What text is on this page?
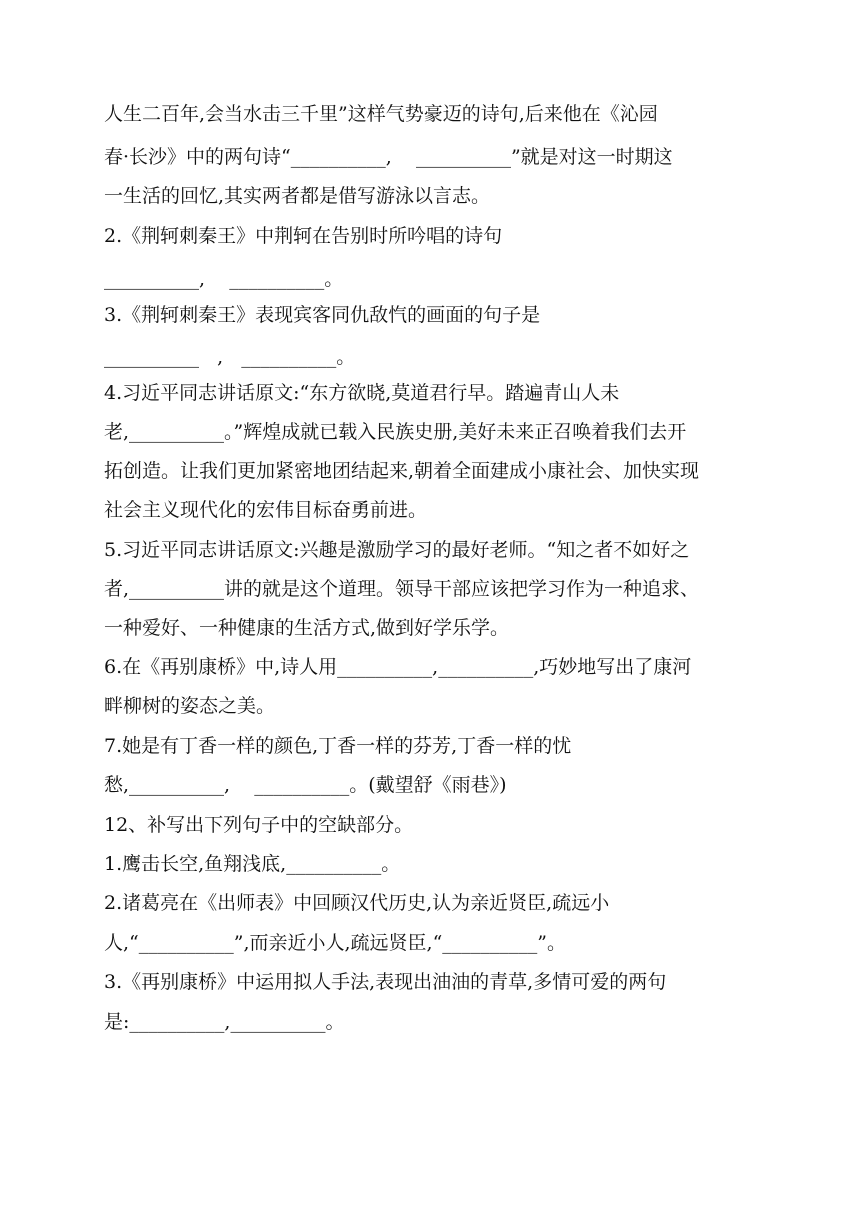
人生二百年,会当水击三千里”这样气势豪迈的诗句,后来他在《沁园
春·长沙》中的两句诗“__________,    __________”就是对这一时期这
一生活的回忆,其实两者都是借写游泳以言志。
2.《荆轲刺秦王》中荆轲在告别时所吟唱的诗句
__________,    __________。
3.《荆轲刺秦王》表现宾客同仇敌忾的画面的句子是
__________   ,   __________。
4.习近平同志讲话原文:“东方欲晓,莫道君行早。踏遍青山人未
老,__________。”辉煌成就已载入民族史册,美好未来正召唤着我们去开
拓创造。让我们更加紧密地团结起来,朝着全面建成小康社会、加快实现
社会主义现代化的宏伟目标奋勇前进。
5.习近平同志讲话原文:兴趣是激励学习的最好老师。“知之者不如好之
者,__________讲的就是这个道理。领导干部应该把学习作为一种追求、
一种爱好、一种健康的生活方式,做到好学乐学。
6.在《再别康桥》中,诗人用__________,__________,巧妙地写出了康河
畔柳树的姿态之美。
7.她是有丁香一样的颜色,丁香一样的芬芳,丁香一样的忧
愁,__________,    __________。(戴望舒《雨巷》)
12、补写出下列句子中的空缺部分。
1.鹰击长空,鱼翔浅底,__________。
2.诸葛亮在《出师表》中回顾汉代历史,认为亲近贤臣,疏远小
人,“__________”,而亲近小人,疏远贤臣,“__________”。
3.《再别康桥》中运用拟人手法,表现出油油的青草,多情可爱的两句
是:__________,__________。
